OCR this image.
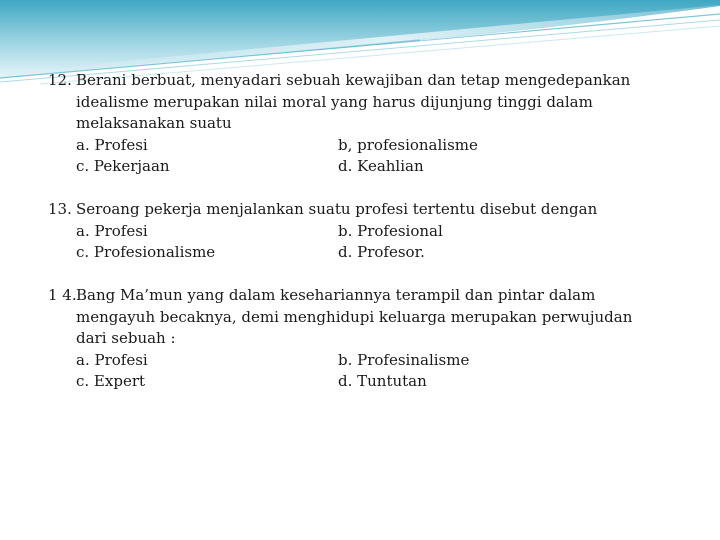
12. Berani berbuat, menyadari sebuah kewajiban dan tetap mengedepankan
idealisme merupakan nilai moral yang harus dijunjung tinggi dalam
melaksanakan suatu
a. Profesi	b, profesionalisme
c. Pekerjaan	d. Keahlian
13. Seroang pekerja menjalankan suatu profesi tertentu disebut dengan
a. Profesi	b. Profesional
c. Profesionalisme	d. Profesor.
1 4. Bang Ma’mun yang dalam kesehariannya terampil dan pintar dalam
mengayuh becaknya, demi menghidupi keluarga merupakan perwujudan
dari sebuah :
a. Profesi	b. Profesinalisme
c. Expert	d. Tuntutan
